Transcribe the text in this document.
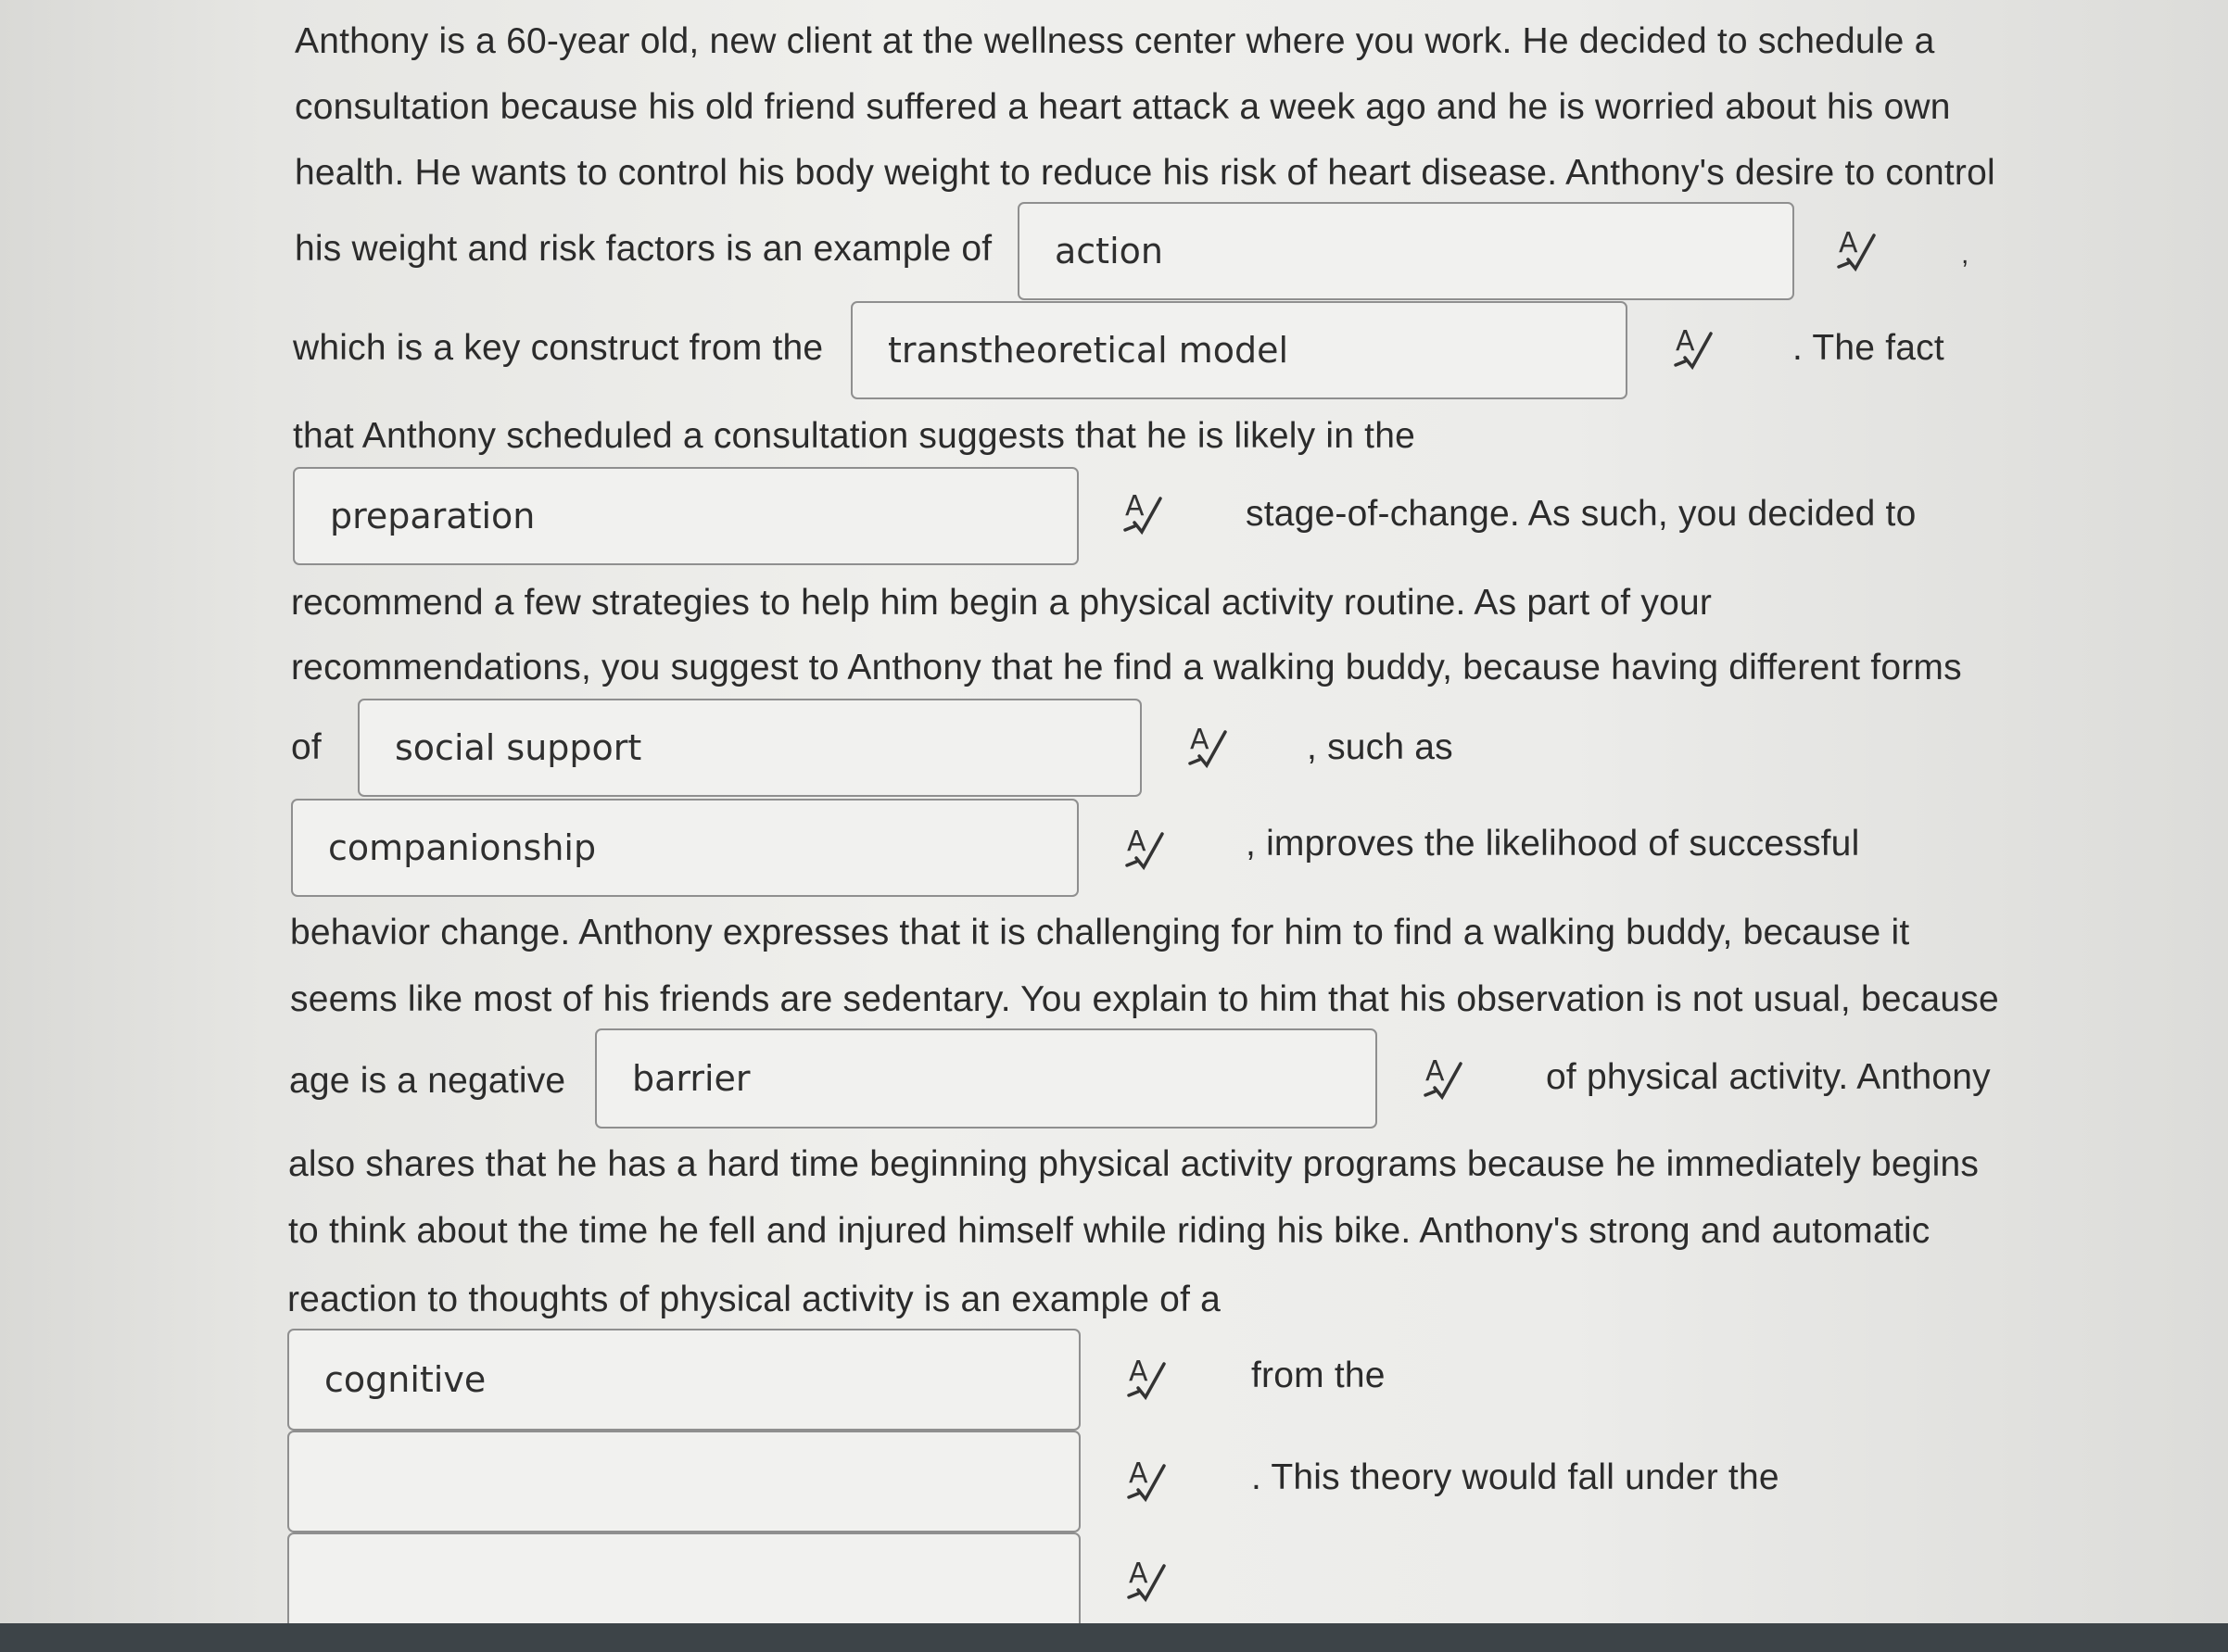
Anthony is a 60-year old, new client at the wellness center where you work. He decided to schedule a
consultation because his old friend suffered a heart attack a week ago and he is worried about his own
health. He wants to control his body weight to reduce his risk of heart disease. Anthony's desire to control
his weight and risk factors is an example of action	A	,
which is a key construct from the transtheoretical model	A	. The fact
that Anthony scheduled a consultation suggests that he is likely in the
preparation	A	stage-of-change. As such, you decided to
recommend a few strategies to help him begin a physical activity routine. As part of your
recommendations, you suggest to Anthony that he find a walking buddy, because having different forms
of social support	A	, such as
companionship	A	, improves the likelihood of successful
behavior change. Anthony expresses that it is challenging for him to find a walking buddy, because it
seems like most of his friends are sedentary. You explain to him that his observation is not usual, because
age is a negative barrier	A	of physical activity. Anthony
also shares that he has a hard time beginning physical activity programs because he immediately begins
to think about the time he fell and injured himself while riding his bike. Anthony's strong and automatic
reaction to thoughts of physical activity is an example of a
cognitive	A	from the
A	. This theory would fall under the
A
